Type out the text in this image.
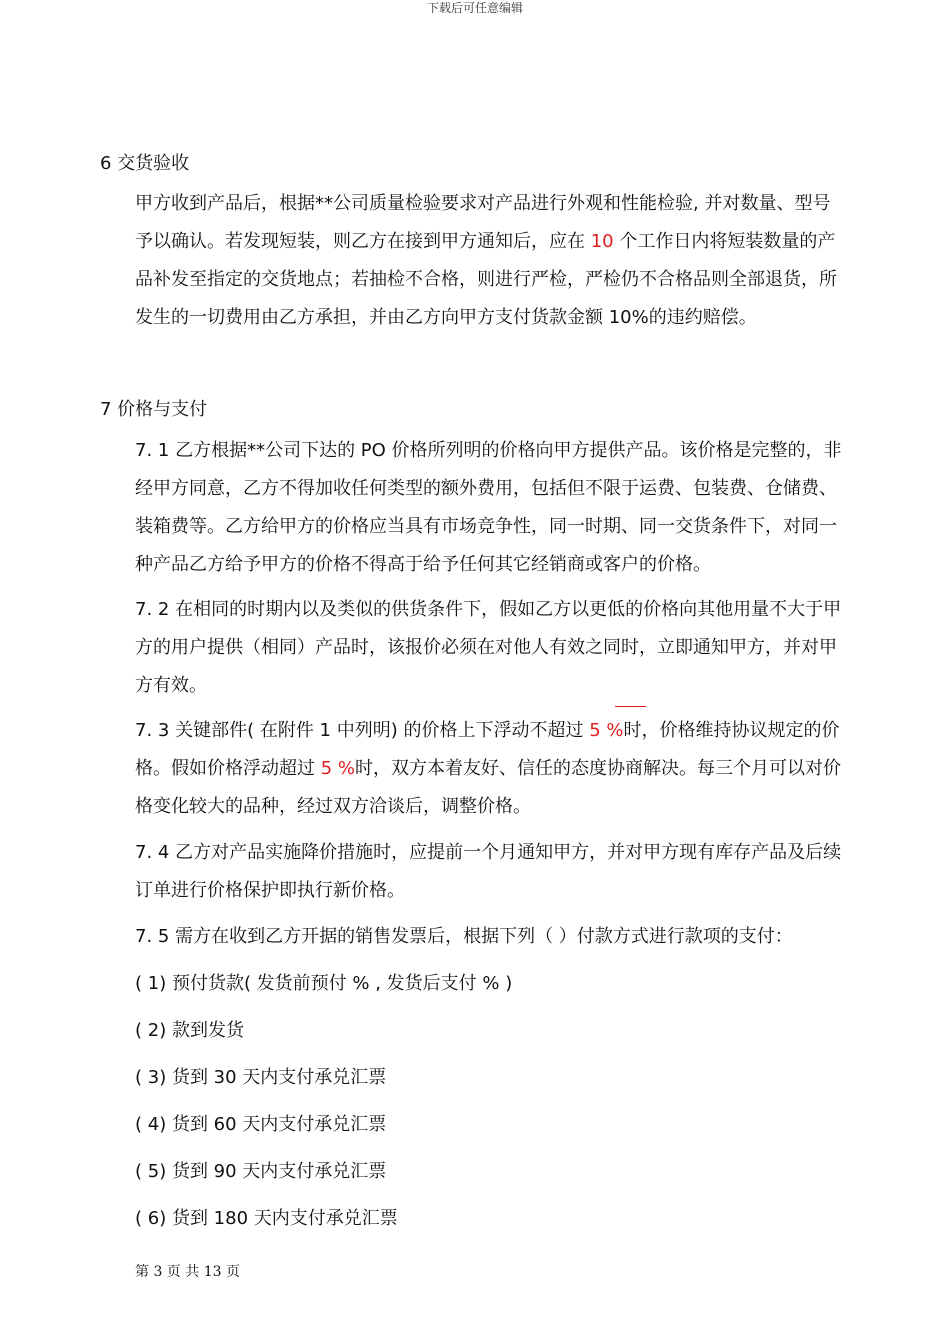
下载后可任意编辑
6 交货验收
甲方收到产品后，根据**公司质量检验要求对产品进行外观和性能检验, 并对数量、型号
予以确认。若发现短装，则乙方在接到甲方通知后，应在 10 个工作日内将短装数量的产
品补发至指定的交货地点；若抽检不合格，则进行严检，严检仍不合格品则全部退货，所
发生的一切费用由乙方承担，并由乙方向甲方支付货款金额 10%的违约赔偿。
7 价格与支付
7. 1 乙方根据**公司下达的 PO 价格所列明的价格向甲方提供产品。该价格是完整的，非
经甲方同意，乙方不得加收任何类型的额外费用，包括但不限于运费、包装费、仓储费、
装箱费等。乙方给甲方的价格应当具有市场竞争性，同一时期、同一交货条件下，对同一
种产品乙方给予甲方的价格不得高于给予任何其它经销商或客户的价格。
7. 2 在相同的时期内以及类似的供货条件下，假如乙方以更低的价格向其他用量不大于甲
方的用户提供（相同）产品时，该报价必须在对他人有效之同时，立即通知甲方，并对甲
方有效。
7. 3 关键部件( 在附件 1 中列明) 的价格上下浮动不超过 5 %时，价格维持协议规定的价
格。假如价格浮动超过 5 %时，双方本着友好、信任的态度协商解决。每三个月可以对价
格变化较大的品种，经过双方洽谈后，调整价格。
7. 4 乙方对产品实施降价措施时，应提前一个月通知甲方，并对甲方现有库存产品及后续
订单进行价格保护即执行新价格。
7. 5 需方在收到乙方开据的销售发票后，根据下列（ ）付款方式进行款项的支付：
( 1) 预付货款( 发货前预付 % , 发货后支付 % )
( 2) 款到发货
( 3) 货到 30 天内支付承兑汇票
( 4) 货到 60 天内支付承兑汇票
( 5) 货到 90 天内支付承兑汇票
( 6) 货到 180 天内支付承兑汇票
第 3 页 共 13 页
